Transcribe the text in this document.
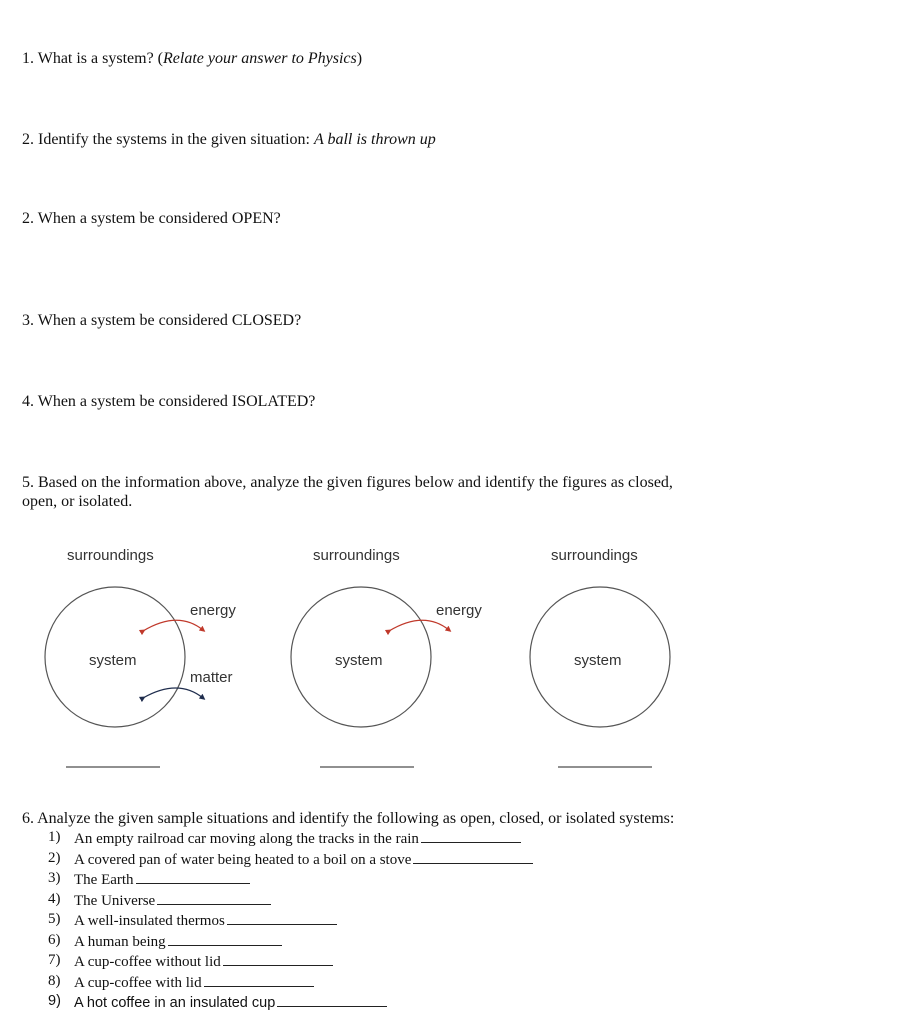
1. What is a system? (Relate your answer to Physics)
2. Identify the systems in the given situation: A ball is thrown up
2. When a system be considered OPEN?
3. When a system be considered CLOSED?
4. When a system be considered ISOLATED?
5. Based on the information above, analyze the given figures below and identify the figures as closed, open, or isolated.
surroundings
system
energy
matter
surroundings
system
energy
surroundings
system
6. Analyze the given sample situations and identify the following as open, closed, or isolated systems:
1) An empty railroad car moving along the tracks in the rain
2) A covered pan of water being heated to a boil on a stove
3) The Earth
4) The Universe
5) A well-insulated thermos
6) A human being
7) A cup-coffee without lid
8) A cup-coffee with lid
9) A hot coffee in an insulated cup
